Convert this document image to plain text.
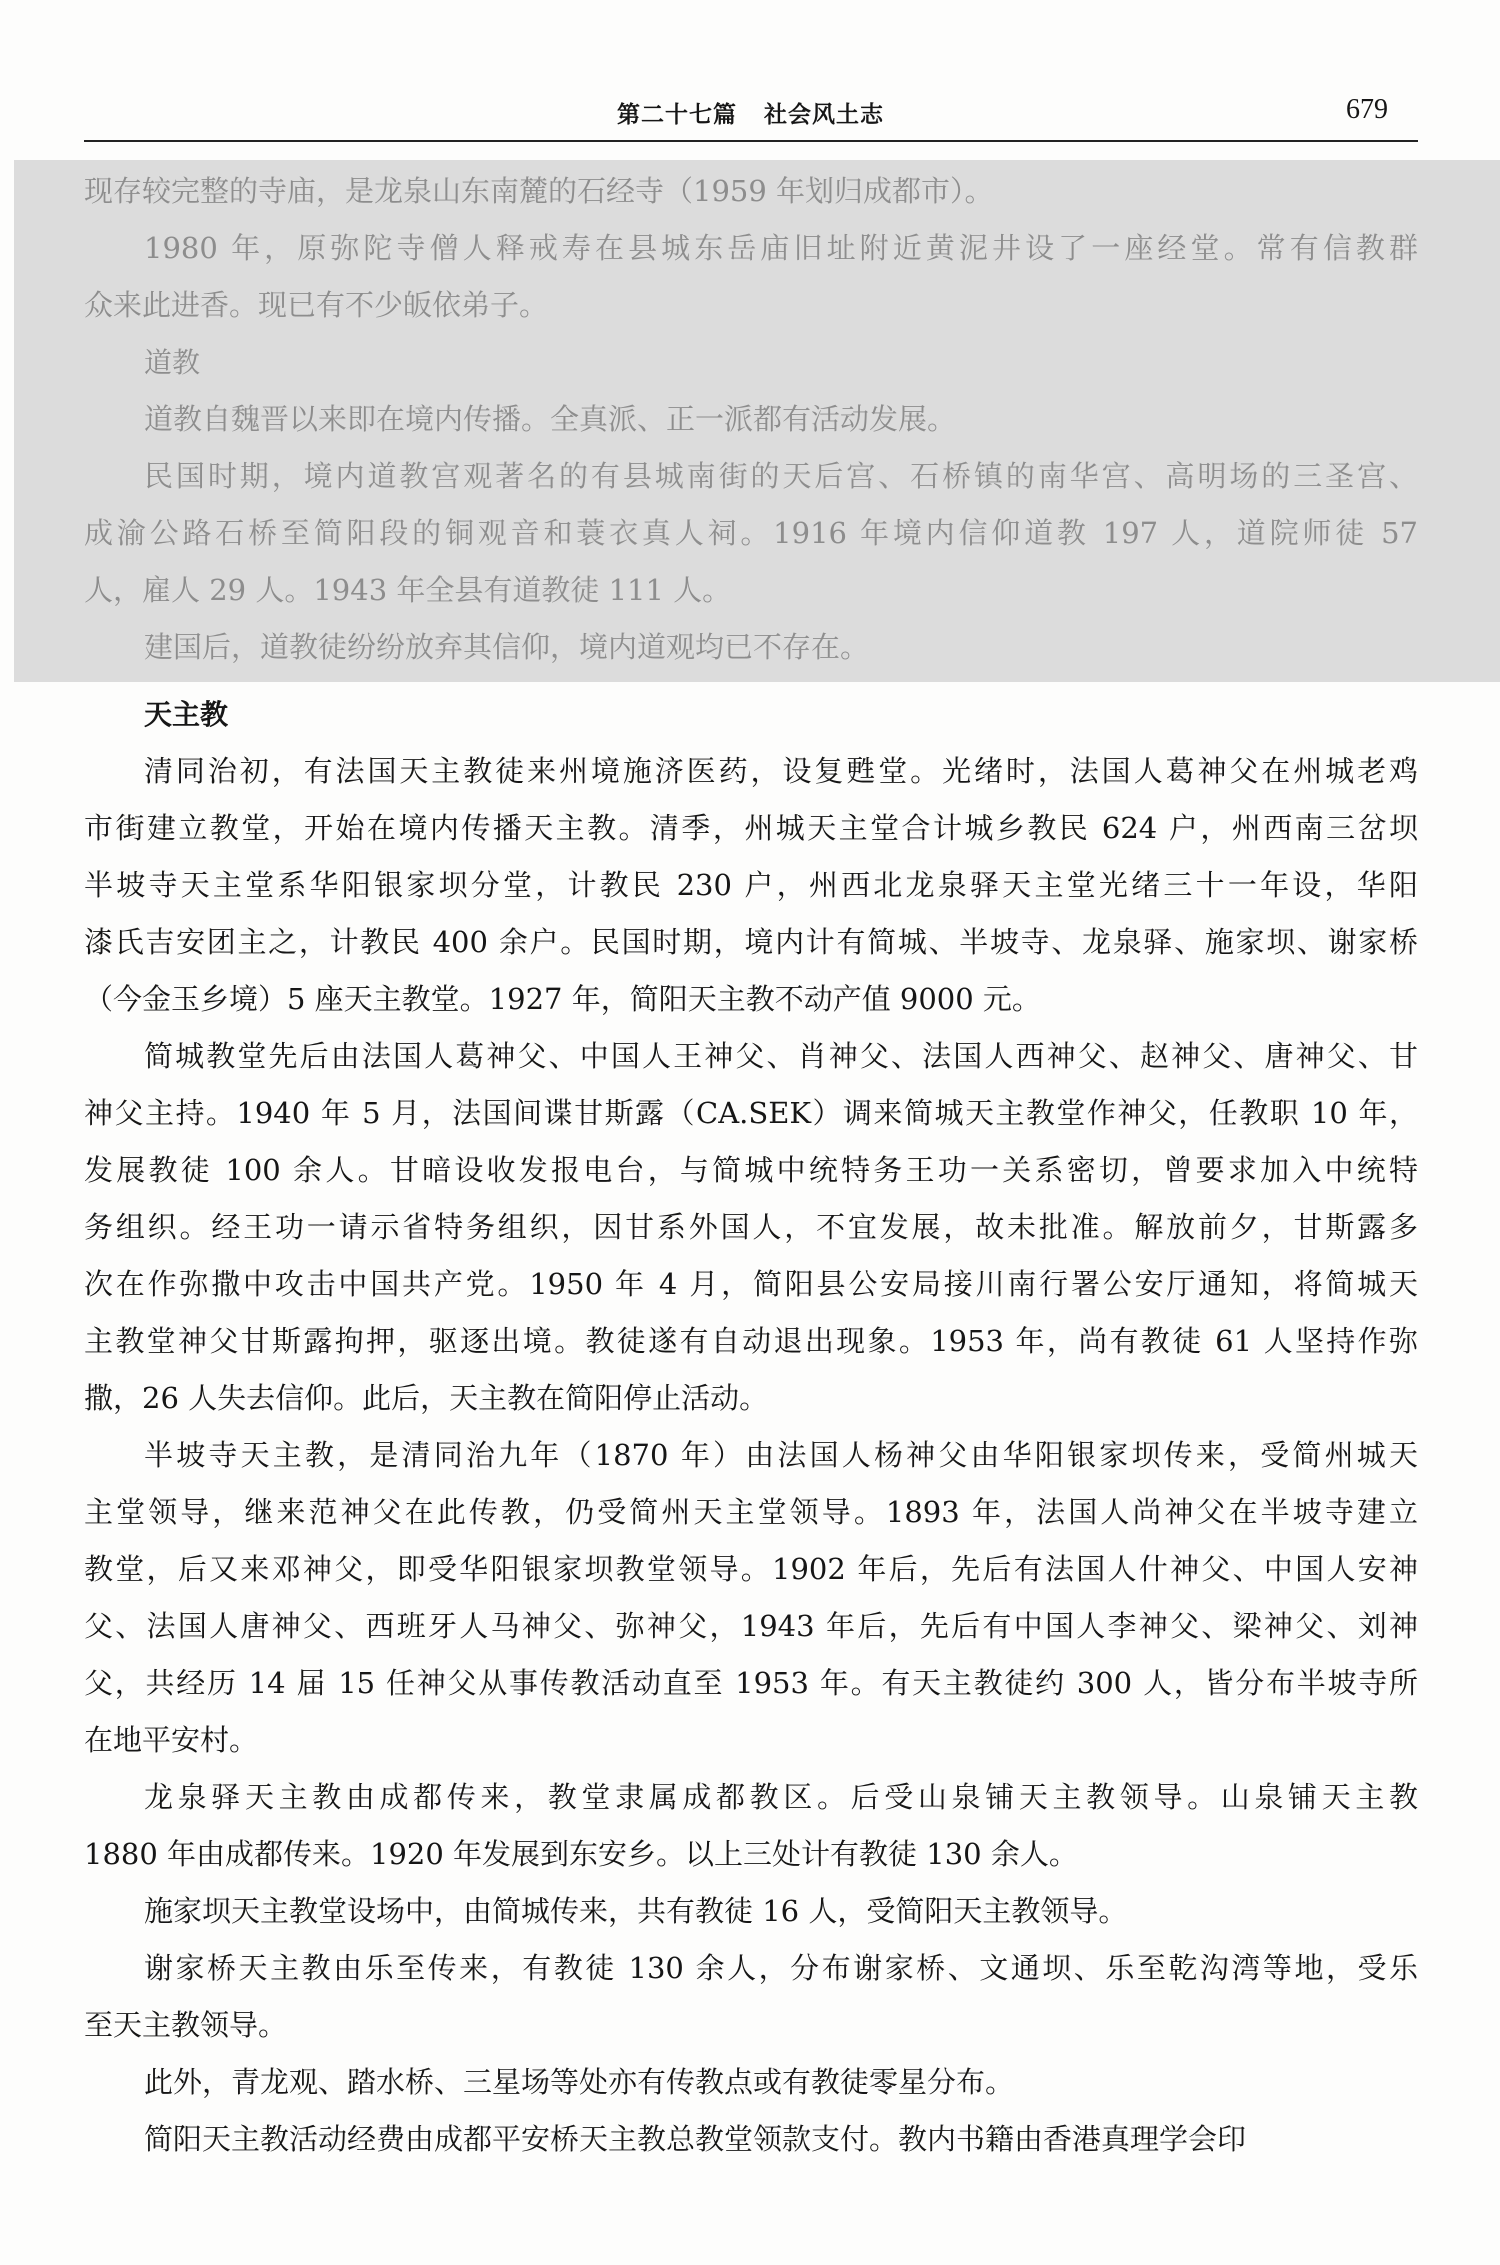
第二十七篇   社会风土志	679
现存较完整的寺庙，是龙泉山东南麓的石经寺（1959 年划归成都市）。
1980 年，原弥陀寺僧人释戒寿在县城东岳庙旧址附近黄泥井设了一座经堂。常有信教群
众来此进香。现已有不少皈依弟子。
道教
道教自魏晋以来即在境内传播。全真派、正一派都有活动发展。
民国时期，境内道教宫观著名的有县城南街的天后宫、石桥镇的南华宫、高明场的三圣宫、
成渝公路石桥至简阳段的铜观音和蓑衣真人祠。1916 年境内信仰道教 197 人，道院师徒 57
人，雇人 29 人。1943 年全县有道教徒 111 人。
建国后，道教徒纷纷放弃其信仰，境内道观均已不存在。
天主教
清同治初，有法国天主教徒来州境施济医药，设复甦堂。光绪时，法国人葛神父在州城老鸡
市街建立教堂，开始在境内传播天主教。清季，州城天主堂合计城乡教民 624 户，州西南三岔坝
半坡寺天主堂系华阳银家坝分堂，计教民 230 户，州西北龙泉驿天主堂光绪三十一年设，华阳
漆氏吉安团主之，计教民 400 余户。民国时期，境内计有简城、半坡寺、龙泉驿、施家坝、谢家桥
（今金玉乡境）5 座天主教堂。1927 年，简阳天主教不动产值 9000 元。
简城教堂先后由法国人葛神父、中国人王神父、肖神父、法国人西神父、赵神父、唐神父、甘
神父主持。1940 年 5 月，法国间谍甘斯露（CA.SEK）调来简城天主教堂作神父，任教职 10 年，
发展教徒 100 余人。甘暗设收发报电台，与简城中统特务王功一关系密切，曾要求加入中统特
务组织。经王功一请示省特务组织，因甘系外国人，不宜发展，故未批准。解放前夕，甘斯露多
次在作弥撒中攻击中国共产党。1950 年 4 月，简阳县公安局接川南行署公安厅通知，将简城天
主教堂神父甘斯露拘押，驱逐出境。教徒遂有自动退出现象。1953 年，尚有教徒 61 人坚持作弥
撒，26 人失去信仰。此后，天主教在简阳停止活动。
半坡寺天主教，是清同治九年（1870 年）由法国人杨神父由华阳银家坝传来，受简州城天
主堂领导，继来范神父在此传教，仍受简州天主堂领导。1893 年，法国人尚神父在半坡寺建立
教堂，后又来邓神父，即受华阳银家坝教堂领导。1902 年后，先后有法国人什神父、中国人安神
父、法国人唐神父、西班牙人马神父、弥神父，1943 年后，先后有中国人李神父、梁神父、刘神
父，共经历 14 届 15 任神父从事传教活动直至 1953 年。有天主教徒约 300 人，皆分布半坡寺所
在地平安村。
龙泉驿天主教由成都传来，教堂隶属成都教区。后受山泉铺天主教领导。山泉铺天主教
1880 年由成都传来。1920 年发展到东安乡。以上三处计有教徒 130 余人。
施家坝天主教堂设场中，由简城传来，共有教徒 16 人，受简阳天主教领导。
谢家桥天主教由乐至传来，有教徒 130 余人，分布谢家桥、文通坝、乐至乾沟湾等地，受乐
至天主教领导。
此外，青龙观、踏水桥、三星场等处亦有传教点或有教徒零星分布。
简阳天主教活动经费由成都平安桥天主教总教堂领款支付。教内书籍由香港真理学会印
